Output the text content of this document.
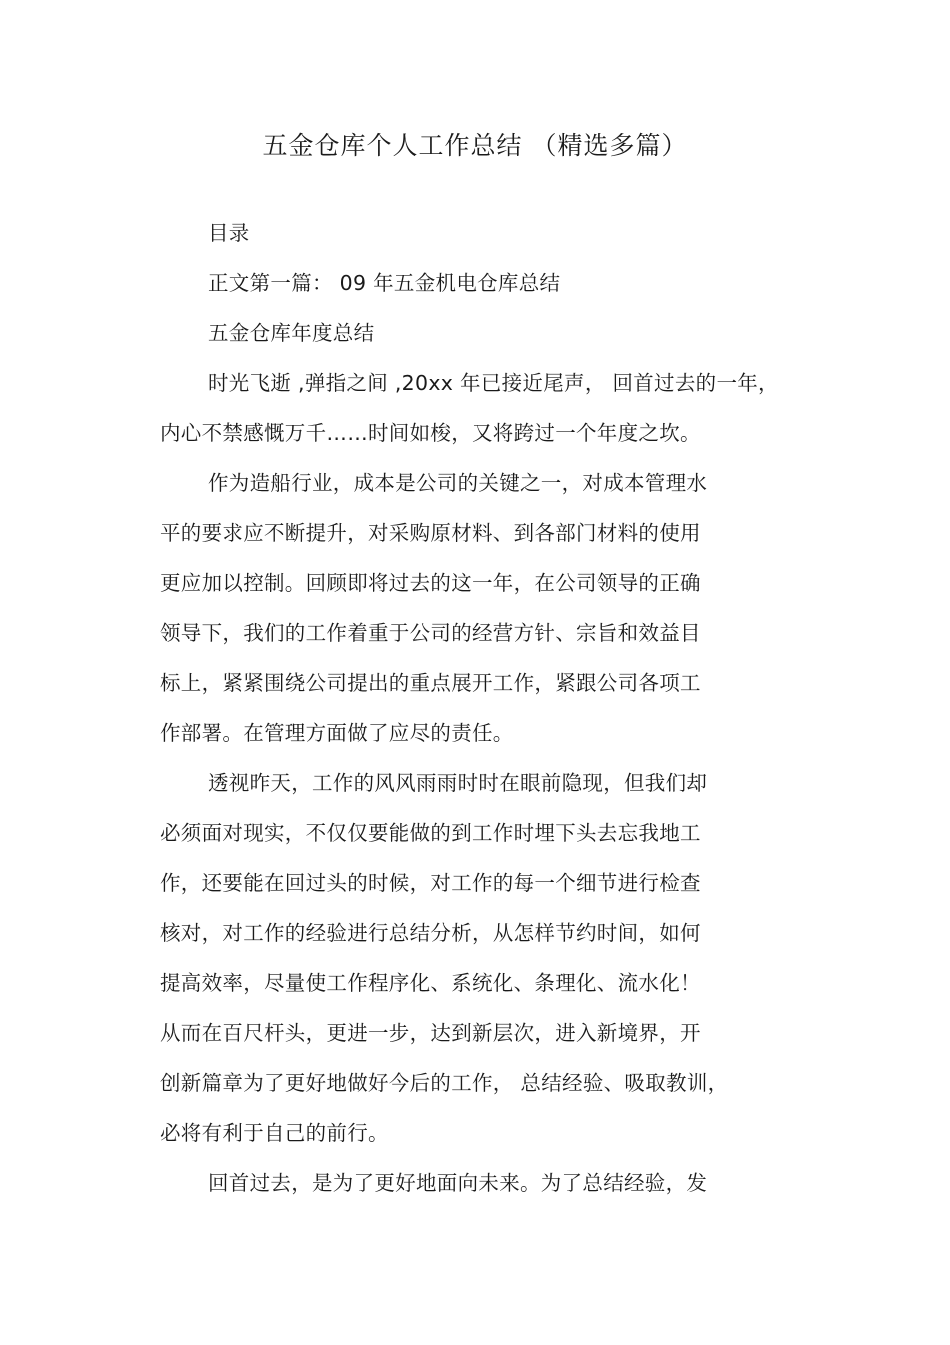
五金仓库个人工作总结 （精选多篇）
目录
正文第一篇： 09 年五金机电仓库总结
五金仓库年度总结
时光飞逝 ,弹指之间 ,20xx 年已接近尾声， 回首过去的一年，
内心不禁感慨万千……时间如梭，又将跨过一个年度之坎。
作为造船行业，成本是公司的关键之一，对成本管理水
平的要求应不断提升，对采购原材料、到各部门材料的使用
更应加以控制。回顾即将过去的这一年，在公司领导的正确
领导下，我们的工作着重于公司的经营方针、宗旨和效益目
标上，紧紧围绕公司提出的重点展开工作，紧跟公司各项工
作部署。在管理方面做了应尽的责任。
透视昨天，工作的风风雨雨时时在眼前隐现，但我们却
必须面对现实，不仅仅要能做的到工作时埋下头去忘我地工
作，还要能在回过头的时候，对工作的每一个细节进行检查
核对，对工作的经验进行总结分析，从怎样节约时间，如何
提高效率，尽量使工作程序化、系统化、条理化、流水化！
从而在百尺杆头，更进一步，达到新层次，进入新境界，开
创新篇章为了更好地做好今后的工作， 总结经验、吸取教训，
必将有利于自己的前行。
回首过去，是为了更好地面向未来。为了总结经验，发
